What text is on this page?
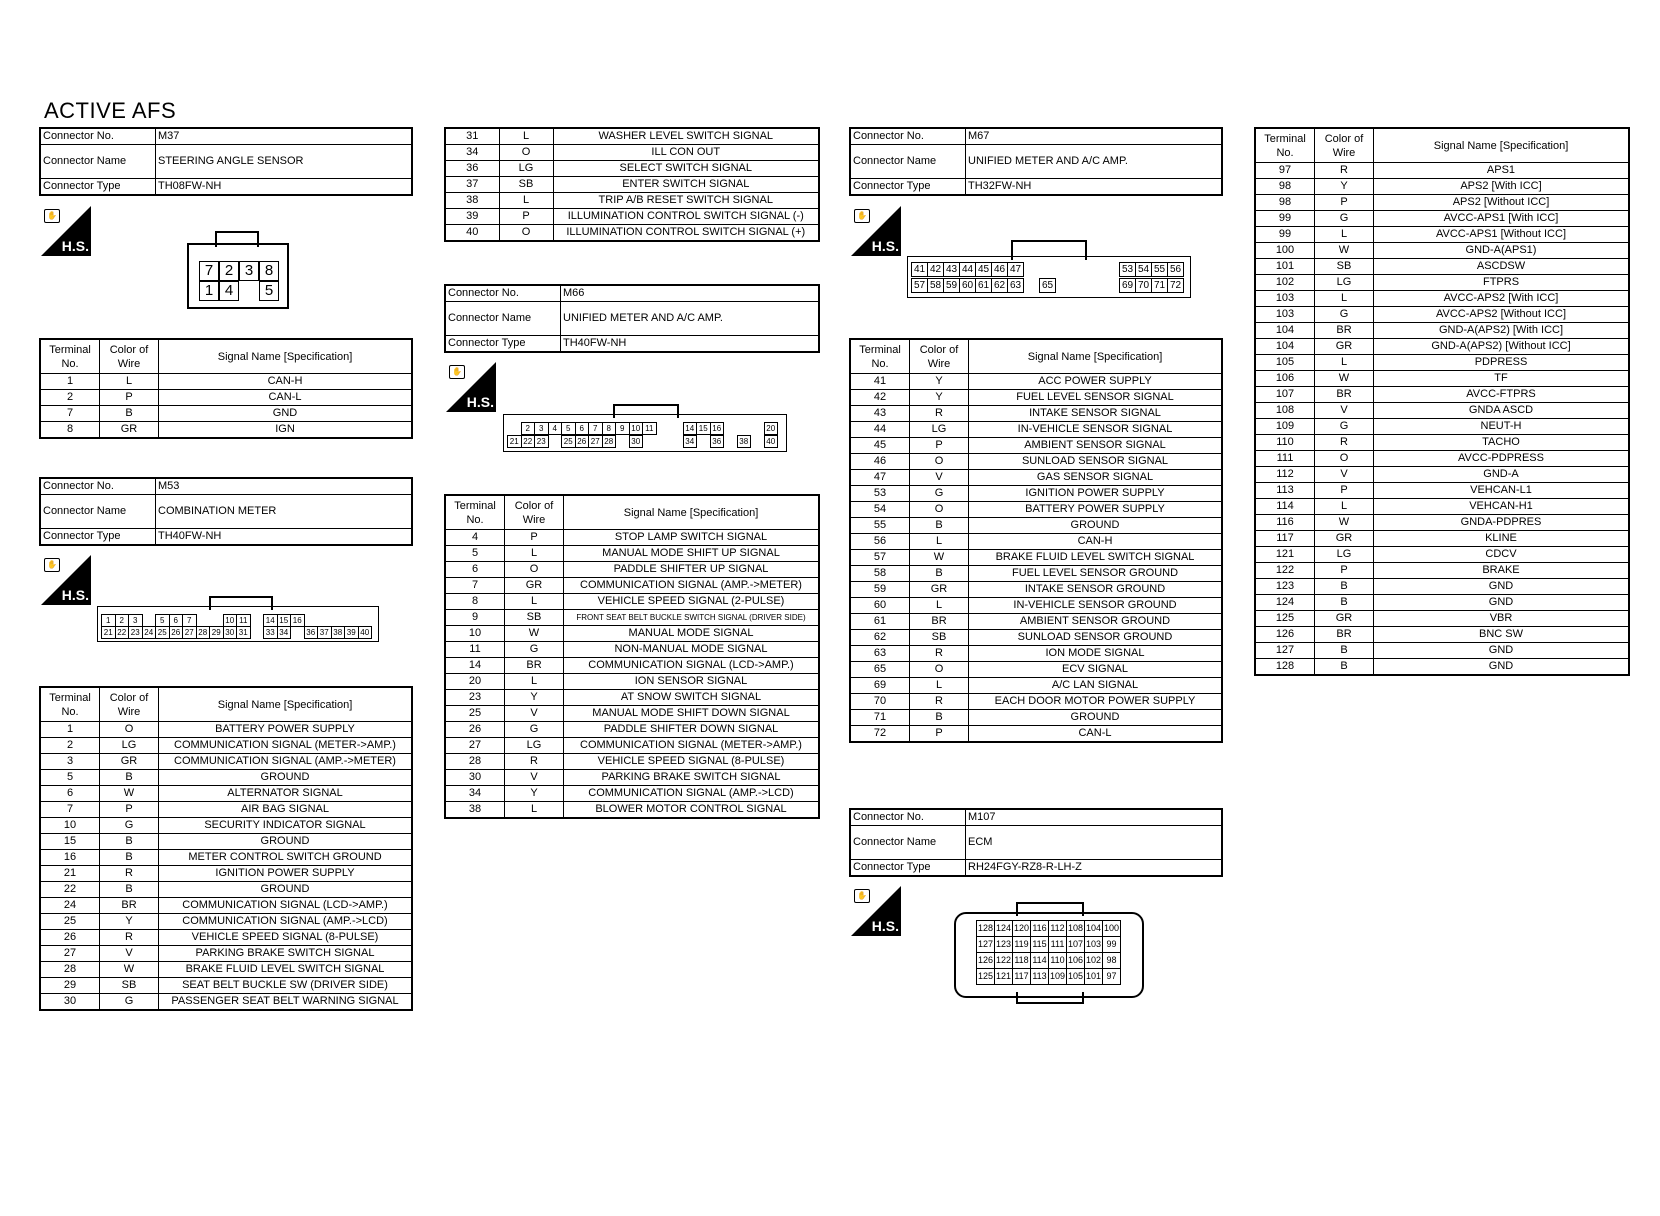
ACTIVE AFS
Connector No.	M37
Connector Name	STEERING ANGLE SENSOR
Connector Type	TH08FW-NH
✋
H.S.
7 2 3 8
1 4	5
Terminal No.	Color of Wire	Signal Name [Specification]
1	L	CAN-H
2	P	CAN-L
7	B	GND
8	GR	IGN
Connector No.	M53
Connector Name	COMBINATION METER
Connector Type	TH40FW-NH
✋
H.S.
1	2	3	5	6	7	10 11	14 15 16
21 22 23 24 25 26 27 28 29 30 31	33 34	36 37 38 39 40
Terminal No.	Color of Wire	Signal Name [Specification]
1	O	BATTERY POWER SUPPLY
2	LG	COMMUNICATION SIGNAL (METER->AMP.)
3	GR	COMMUNICATION SIGNAL (AMP.->METER)
5	B	GROUND
6	W	ALTERNATOR SIGNAL
7	P	AIR BAG SIGNAL
10	G	SECURITY INDICATOR SIGNAL
15	B	GROUND
16	B	METER CONTROL SWITCH GROUND
21	R	IGNITION POWER SUPPLY
22	B	GROUND
24	BR	COMMUNICATION SIGNAL (LCD->AMP.)
25	Y	COMMUNICATION SIGNAL (AMP.->LCD)
26	R	VEHICLE SPEED SIGNAL (8-PULSE)
27	V	PARKING BRAKE SWITCH SIGNAL
28	W	BRAKE FLUID LEVEL SWITCH SIGNAL
29	SB	SEAT BELT BUCKLE SW (DRIVER SIDE)
30	G	PASSENGER SEAT BELT WARNING SIGNAL
31	L	WASHER LEVEL SWITCH SIGNAL
34	O	ILL CON OUT
36	LG	SELECT SWITCH SIGNAL
37	SB	ENTER SWITCH SIGNAL
38	L	TRIP A/B RESET SWITCH SIGNAL
39	P	ILLUMINATION CONTROL SWITCH SIGNAL (-)
40	O	ILLUMINATION CONTROL SWITCH SIGNAL (+)
Connector No.	M66
Connector Name	UNIFIED METER AND A/C AMP.
Connector Type	TH40FW-NH
✋
H.S.
2	3	4	5	6	7	8	9 10 11	14 15 16	20
21 22 23	25 26 27 28	30	34	36	38	40
Terminal No.	Color of Wire	Signal Name [Specification]
4	P	STOP LAMP SWITCH SIGNAL
5	L	MANUAL MODE SHIFT UP SIGNAL
6	O	PADDLE SHIFTER UP SIGNAL
7	GR	COMMUNICATION SIGNAL (AMP.->METER)
8	L	VEHICLE SPEED SIGNAL (2-PULSE)
9	SB	FRONT SEAT BELT BUCKLE SWITCH SIGNAL (DRIVER SIDE)
10	W	MANUAL MODE SIGNAL
11	G	NON-MANUAL MODE SIGNAL
14	BR	COMMUNICATION SIGNAL (LCD->AMP.)
20	L	ION SENSOR SIGNAL
23	Y	AT SNOW SWITCH SIGNAL
25	V	MANUAL MODE SHIFT DOWN SIGNAL
26	G	PADDLE SHIFTER DOWN SIGNAL
27	LG	COMMUNICATION SIGNAL (METER->AMP.)
28	R	VEHICLE SPEED SIGNAL (8-PULSE)
30	V	PARKING BRAKE SWITCH SIGNAL
34	Y	COMMUNICATION SIGNAL (AMP.->LCD)
38	L	BLOWER MOTOR CONTROL SIGNAL
Connector No.	M67
Connector Name	UNIFIED METER AND A/C AMP.
Connector Type	TH32FW-NH
✋
H.S.
41 42 43 44 45 46 47	53 54 55 56
57 58 59 60 61 62 63 65	69 70 71 72
Terminal No.	Color of Wire	Signal Name [Specification]
41	Y	ACC POWER SUPPLY
42	Y	FUEL LEVEL SENSOR SIGNAL
43	R	INTAKE SENSOR SIGNAL
44	LG	IN-VEHICLE SENSOR SIGNAL
45	P	AMBIENT SENSOR SIGNAL
46	O	SUNLOAD SENSOR SIGNAL
47	V	GAS SENSOR SIGNAL
53	G	IGNITION POWER SUPPLY
54	O	BATTERY POWER SUPPLY
55	B	GROUND
56	L	CAN-H
57	W	BRAKE FLUID LEVEL SWITCH SIGNAL
58	B	FUEL LEVEL SENSOR GROUND
59	GR	INTAKE SENSOR GROUND
60	L	IN-VEHICLE SENSOR GROUND
61	BR	AMBIENT SENSOR GROUND
62	SB	SUNLOAD SENSOR GROUND
63	R	ION MODE SIGNAL
65	O	ECV SIGNAL
69	L	A/C LAN SIGNAL
70	R	EACH DOOR MOTOR POWER SUPPLY
71	B	GROUND
72	P	CAN-L
Connector No.	M107
Connector Name	ECM
Connector Type	RH24FGY-RZ8-R-LH-Z
✋
H.S.	128 124 120 116 112 108 104 100
127 123 119 115 111 107 103 99
126 122 118 114 110 106 102 98
125 121 117 113 109 105 101 97
Terminal No.	Color of Wire	Signal Name [Specification]
97	R	APS1
98	Y	APS2 [With ICC]
98	P	APS2 [Without ICC]
99	G	AVCC-APS1 [With ICC]
99	L	AVCC-APS1 [Without ICC]
100	W	GND-A(APS1)
101	SB	ASCDSW
102	LG	FTPRS
103	L	AVCC-APS2 [With ICC]
103	G	AVCC-APS2 [Without ICC]
104	BR	GND-A(APS2) [With ICC]
104	GR	GND-A(APS2) [Without ICC]
105	L	PDPRESS
106	W	TF
107	BR	AVCC-FTPRS
108	V	GNDA ASCD
109	G	NEUT-H
110	R	TACHO
111	O	AVCC-PDPRESS
112	V	GND-A
113	P	VEHCAN-L1
114	L	VEHCAN-H1
116	W	GNDA-PDPRES
117	GR	KLINE
121	LG	CDCV
122	P	BRAKE
123	B	GND
124	B	GND
125	GR	VBR
126	BR	BNC SW
127	B	GND
128	B	GND
